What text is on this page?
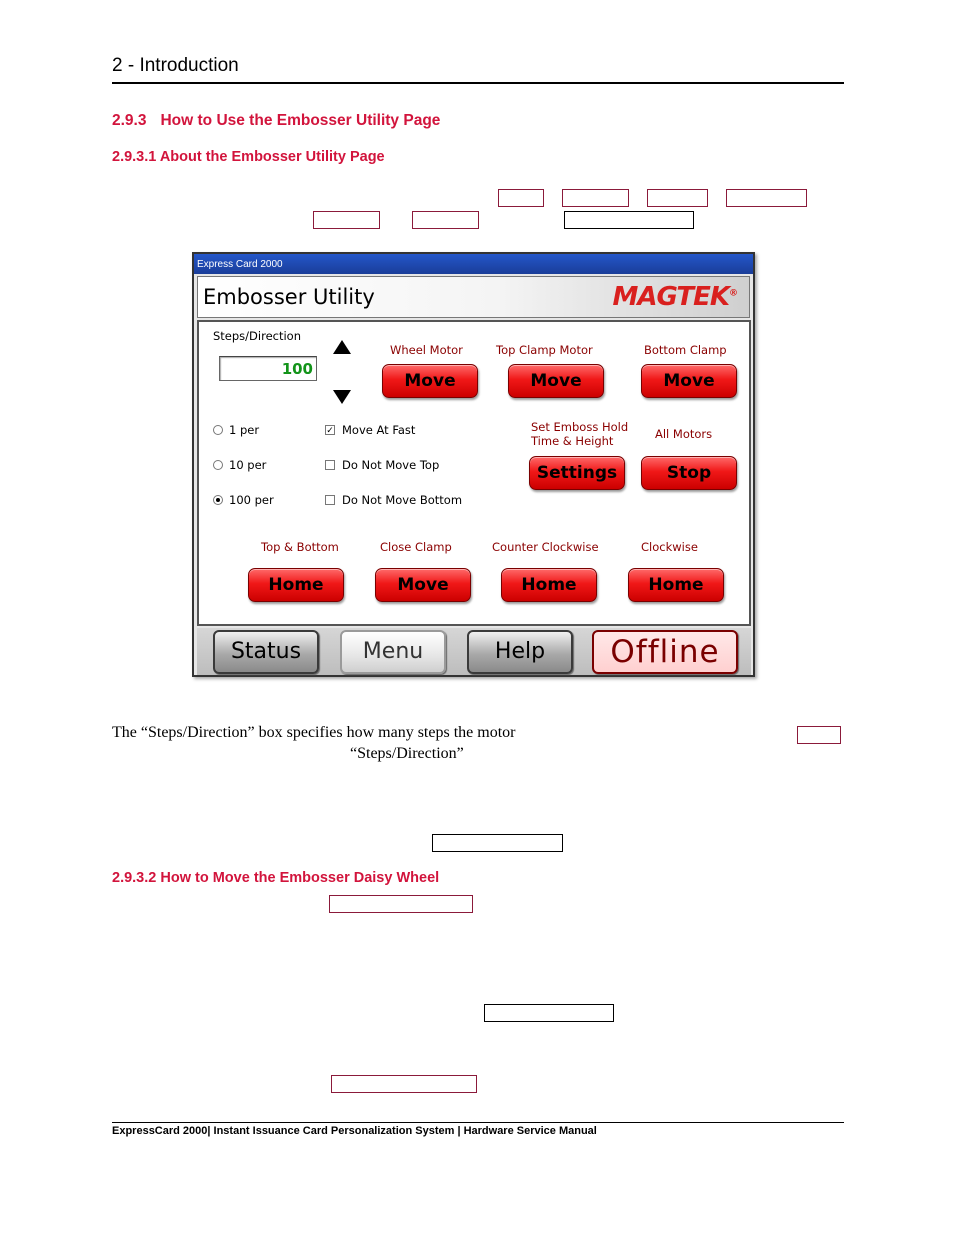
2 - Introduction
2.9.3 How to Use the Embosser Utility Page
2.9.3.1 About the Embosser Utility Page
Express Card 2000
Embosser Utility	MAGTEK®
Steps/Direction
100
Wheel Motor	Top Clamp Motor	Bottom Clamp
Move	Move	Move
1 per
10 per
100 per
✓ Move At Fast
Do Not Move Top
Do Not Move Bottom
Set Emboss Hold
Time & Height	All Motors
Settings	Stop
Top & Bottom	Close Clamp	Counter Clockwise	Clockwise
Home	Move	Home	Home
Status	Menu	Help	Offline
The “Steps/Direction” box specifies how many steps the motor
“Steps/Direction”
2.9.3.2 How to Move the Embosser Daisy Wheel
ExpressCard 2000| Instant Issuance Card Personalization System | Hardware Service Manual
